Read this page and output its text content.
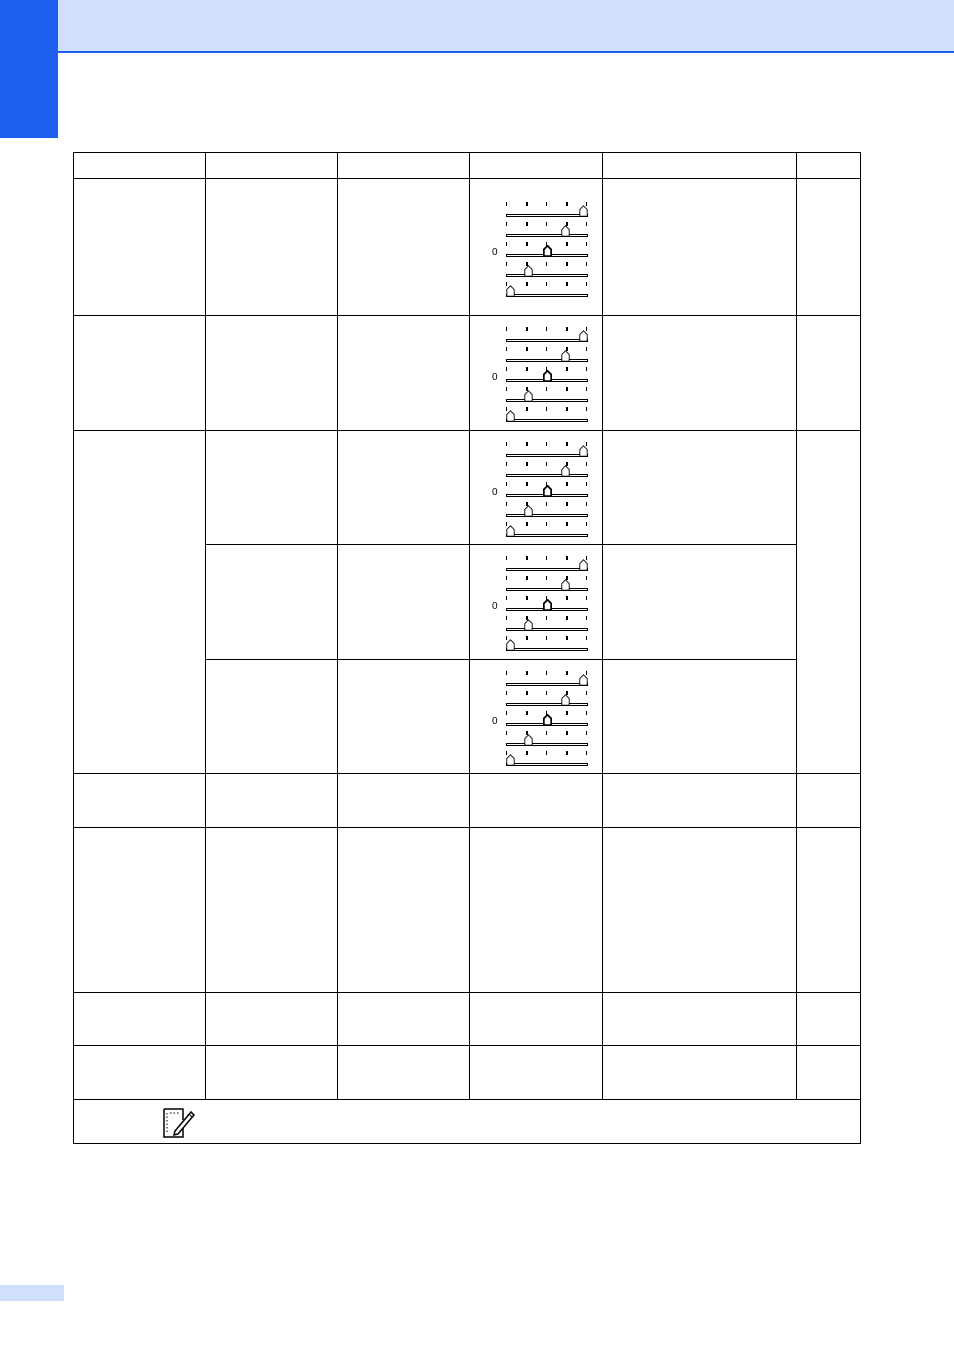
			0		

			0		

			0		

			0		

			0		
